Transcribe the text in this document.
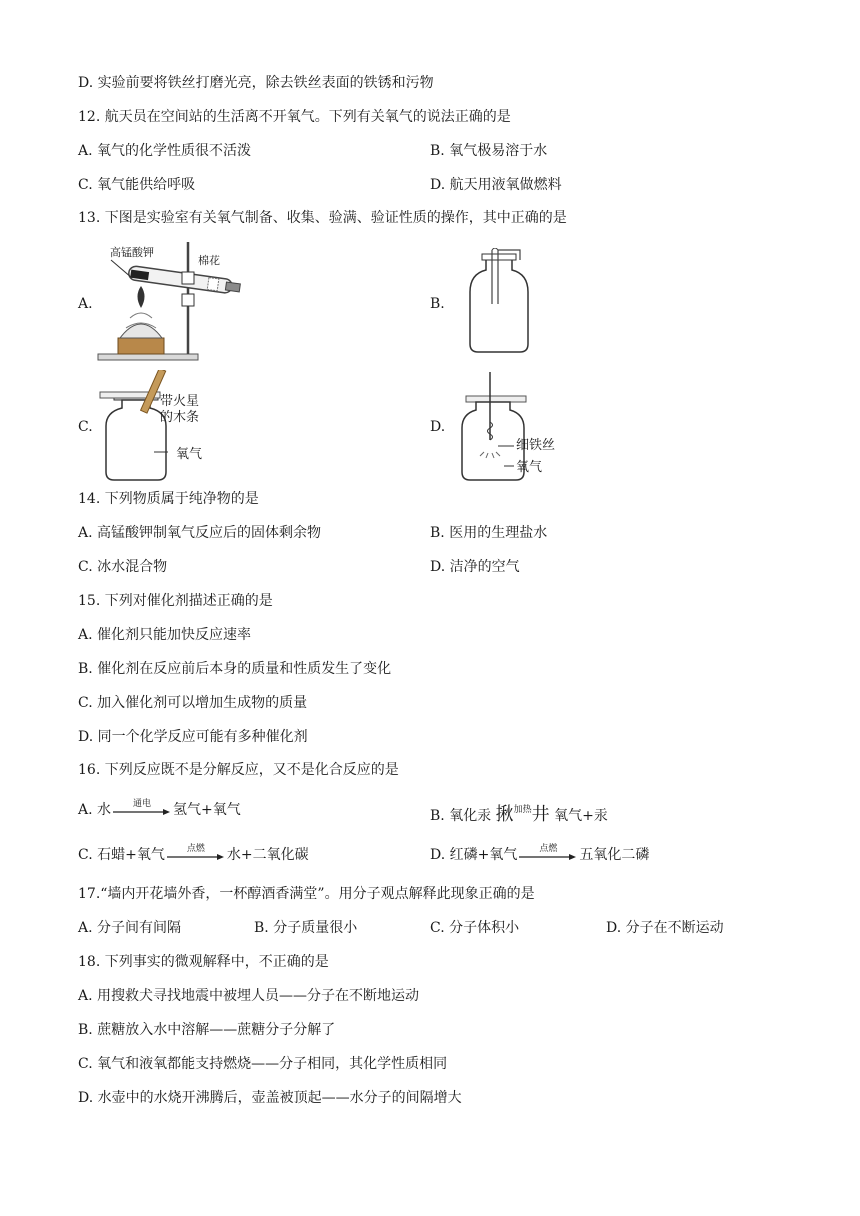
D. 实验前要将铁丝打磨光亮，除去铁丝表面的铁锈和污物
12. 航天员在空间站的生活离不开氧气。下列有关氧气的说法正确的是
A. 氧气的化学性质很不活泼	B. 氧气极易溶于水
C. 氧气能供给呼吸	D. 航天用液氧做燃料
13. 下图是实验室有关氧气制备、收集、验满、验证性质的操作，其中正确的是
A.	B.
C.	D.
高锰酸钾
棉花
带火星
的木条
氧气
细铁丝
氧气
14. 下列物质属于纯净物的是
A. 高锰酸钾制氧气反应后的固体剩余物	B. 医用的生理盐水
C. 冰水混合物	D. 洁净的空气
15. 下列对催化剂描述正确的是
A. 催化剂只能加快反应速率
B. 催化剂在反应前后本身的质量和性质发生了变化
C. 加入催化剂可以增加生成物的质量
D. 同一个化学反应可能有多种催化剂
16. 下列反应既不是分解反应，又不是化合反应的是
A. 水	通电	氢气+氧气	B. 氧化汞 揪$^{加热}$井 氧气+汞
C. 石蜡+氧气	点燃	水+二氧化碳	D. 红磷+氧气	点燃	五氧化二磷
17.“墙内开花墙外香，一杯醇酒香满堂”。用分子观点解释此现象正确的是
A. 分子间有间隔	B. 分子质量很小	C. 分子体积小	D. 分子在不断运动
18. 下列事实的微观解释中，不正确的是
A. 用搜救犬寻找地震中被埋人员——分子在不断地运动
B. 蔗糖放入水中溶解——蔗糖分子分解了
C. 氧气和液氧都能支持燃烧——分子相同，其化学性质相同
D. 水壶中的水烧开沸腾后，壶盖被顶起——水分子的间隔增大
